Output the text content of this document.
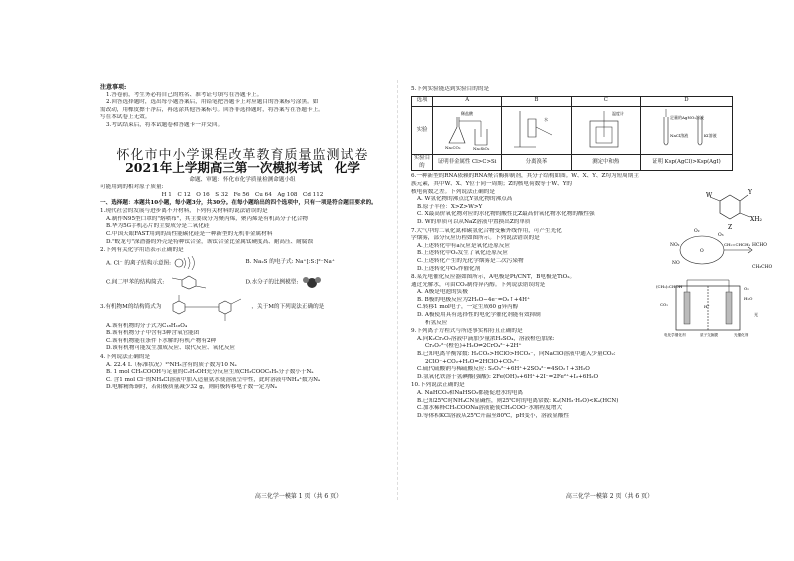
注意事项:
1.答卷前，考生务必将自己的姓名、准考证号填写在答题卡上。
2.回答选择题时，选出每小题答案后，用铅笔把答题卡上对应题目的答案标号涂黑。如
需改动，用橡皮擦干净后，再选涂其他答案标号。回答非选择题时，将答案写在答题卡上。
写在本试卷上无效。
3.考试结束后，将本试题卷和答题卡一并交回。
怀化市中小学课程改革教育质量监测试卷
2021年上学期高三第一次模拟考试　化学
命题、审题：怀化市化学质量检测命题小组
可能用到的相对原子质量:
H 1　C 12　O 16　S 32　Fe 56　Cu 64　Ag 108　Cd 112
一、选择题：本题共10小题，每小题3分，共30分。在每小题给出的四个选项中，只有一项是符合题目要求的。
1.现代社会的发展与进步离不开材料，下列有关材料的说法错误的是
A.制作N95型口罩的"熔喷布"，其主要成分为聚丙烯，聚丙烯是有机高分子化合物
B.华为5G手机芯片的主要成分是二氧化硅
C.中国天眼FAST用到的高性能碳化硅是一种新型的无机非金属材料
D."蛟龙号"深潜器的外壳是特种钛合金，该钛合金比金属钛硬度高、耐高压、耐腐蚀
2.下列有关化学用语表示正确的是
A. Cl⁻ 的离子结构示意图:	B. Na₂S 的电子式: Na⁺[:S:]²⁻Na⁺
C.间二甲苯的结构简式:	D.水分子的比例模型:
3.有机物M的结构简式为	，关于M的下列说法正确的是
A.该有机物的分子式为C₁₈H₁₈O₄
B.该有机物分子中含有3种含氧官能团
C.该有机物能在条件下水解的有机产物有2种
D.该有机物可能发生加成反应、取代反应、氧化反应
4.下列说法正确的是
A. 22.4 L（标准状况）¹⁵NH₃含有的质子数为10 Nₐ
B. 1 mol CH₃COOH与足量的C₂H₅OH充分反应生成CH₃COOC₂H₅分子数小于Nₐ
C. 含1 mol Cl⁻的NH₄Cl溶液中加入适量氨水使溶液呈中性，此时溶液中NH₄⁺数为Nₐ
D.电解精炼铜时，若阳极质量减少32 g，则阴极转移电子数一定为Nₐ
高三化学一模第 1 页（共 6 页）
5.下列实验能达到实验目的的是
选项	A	B	C	D
实验	稀盐酸
Na₂CO₃ Na₂SiO₃	水	温度计	足量的AgNO₃溶液
NaCl溶液 KI溶液

实验目的	证明非金属性 Cl>C>Si	分离溴苯	测定中和热	证明 Ksp(AgCl)>Ksp(AgI)
6.一种新型的RNA依赖的RNA聚合酶抑制剂，其分子结构如图。W、X、Y、Z均为短周期主
族元素，其中W、X、Y位于同一周期；Z的核电荷数等于W、Y的
核电荷数之差。下列说法正确的是
A. W氢化物的沸点比Y氢化物的沸点高
B.原子半径：X>Z>W>Y
C. X最高价氧化物对应的水化物的酸性比Z最高价氧化物水化物的酸性强
D. W的单质可以从NaZ溶液中置换出Z的单质
W	Y
Z
XH₂
7.大气中的二氧化氮和碳氢化合物受紫外线作用，可产生光化
学烟雾，部分反应历程如图所示。下列说法错误的是
A.上述转化中有a反应是氧化还原反应
B.上述转化中O₂发生了氧化还原反应
C.上述转化产生的光化学烟雾是二次污染物
D.上述转化中O₂作催化剂
O₂
NO₂
NO
O₃
O
CH₂=CHCH₃ HCHO
CH₃CHO
8.某光电催化反应器如图所示，A电极是Pt/CNT，B电极是TiO₂。
通过光解水，可由CO₂制得异丙醇。下列说法错误的是
A. A极是电池的负极
B. B极的电极反应为2H₂O−4e⁻=O₂↑+4H⁺
C.转移1 mol电子，一定生成60 g异丙醇
D. A极使用具有选择性的电化学催化剂能有效抑制
析氢反应
(CH₃)₂CHOH
CO₂	H⁺
H₂O
O₂
光
电化学催化剂	质子交换膜	光催化剂
9.下列离子方程式与所述事实相符且正确的是
A.向K₂Cr₂O₇溶液中滴加少量浓H₂SO₄，溶液橙色加深:
Cr₂O₇²⁻(橙色)+H₂O⇌2CrO₄²⁻+2H⁺
B.已知电离平衡常数: H₂CO₃>HClO>HCO₃⁻，向NaClO溶液中通入少量CO₂:
2ClO⁻+CO₂+H₂O=2HClO+CO₃²⁻
C.硫代硫酸钠与稀硫酸反应: S₂O₃²⁻+6H⁺+2SO₄²⁻=4SO₂↑+3H₂O
D.氢氧化铁溶于氢碘酸(强酸): 2Fe(OH)₃+6H⁺+2I⁻=2Fe²⁺+I₂+6H₂O
10.下列说法正确的是
A. NaHCO₃和NaHSO₃都能促进水的电离
B.已知25℃时NH₄CN显碱性，则25℃时的电离常数: Kₐ(NH₃·H₂O)<Kₐ(HCN)
C.加水稀释CH₃COONa溶液能使CH₃COO⁻水解程度增大
D.等体积KCl溶液从25℃升温至80℃，pH变小，溶液显酸性
高三化学一模第 2 页（共 6 页）
